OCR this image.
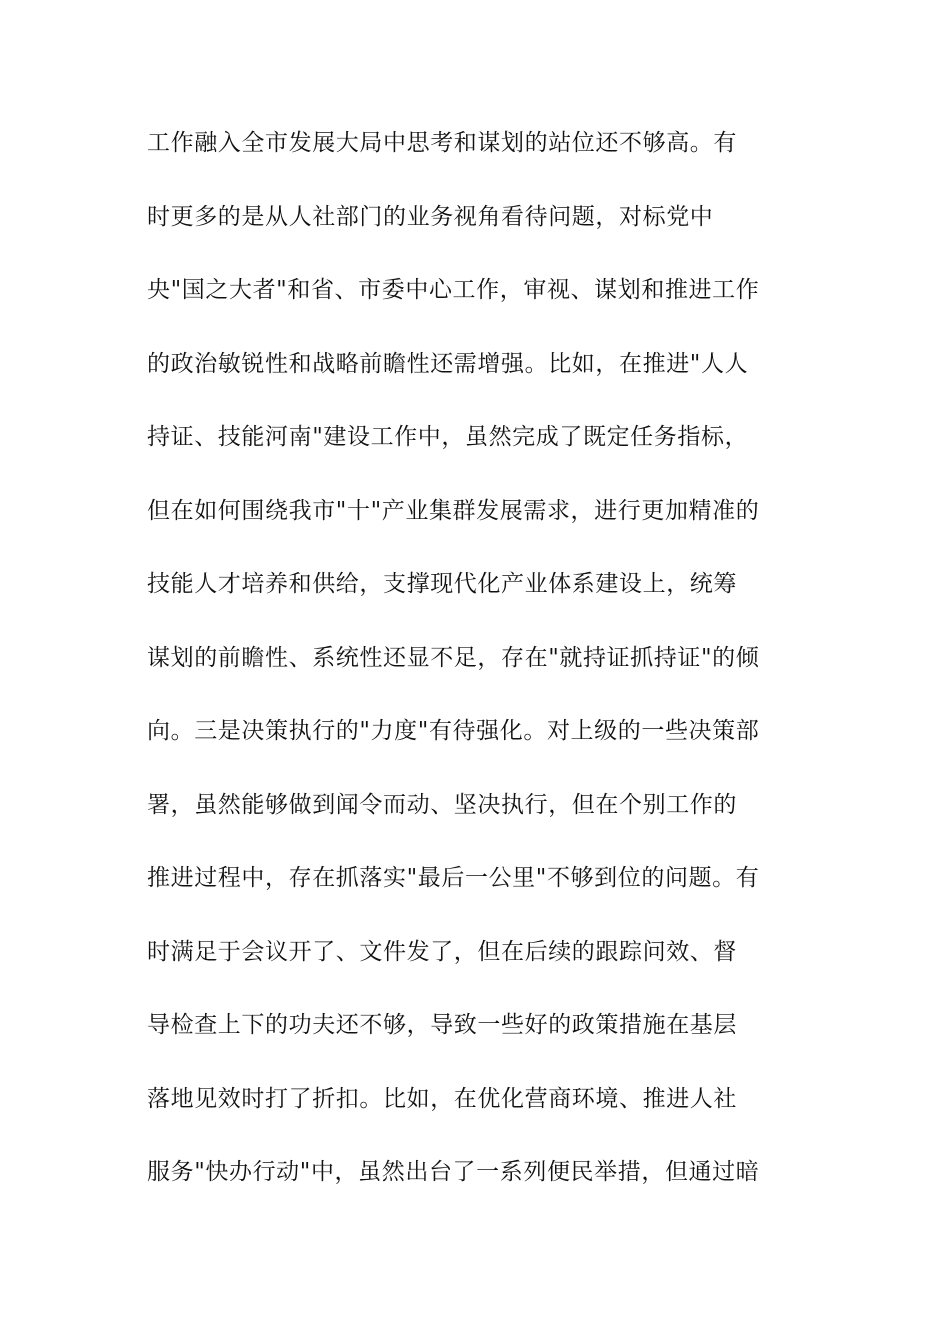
工作融入全市发展大局中思考和谋划的站位还不够高。有
时更多的是从人社部门的业务视角看待问题，对标党中
央"国之大者"和省、市委中心工作，审视、谋划和推进工作
的政治敏锐性和战略前瞻性还需增强。比如，在推进"人人
持证、技能河南"建设工作中，虽然完成了既定任务指标，
但在如何围绕我市"十"产业集群发展需求，进行更加精准的
技能人才培养和供给，支撑现代化产业体系建设上，统筹
谋划的前瞻性、系统性还显不足，存在"就持证抓持证"的倾
向。三是决策执行的"力度"有待强化。对上级的一些决策部
署，虽然能够做到闻令而动、坚决执行，但在个别工作的
推进过程中，存在抓落实"最后一公里"不够到位的问题。有
时满足于会议开了、文件发了，但在后续的跟踪问效、督
导检查上下的功夫还不够，导致一些好的政策措施在基层
落地见效时打了折扣。比如，在优化营商环境、推进人社
服务"快办行动"中，虽然出台了一系列便民举措，但通过暗
